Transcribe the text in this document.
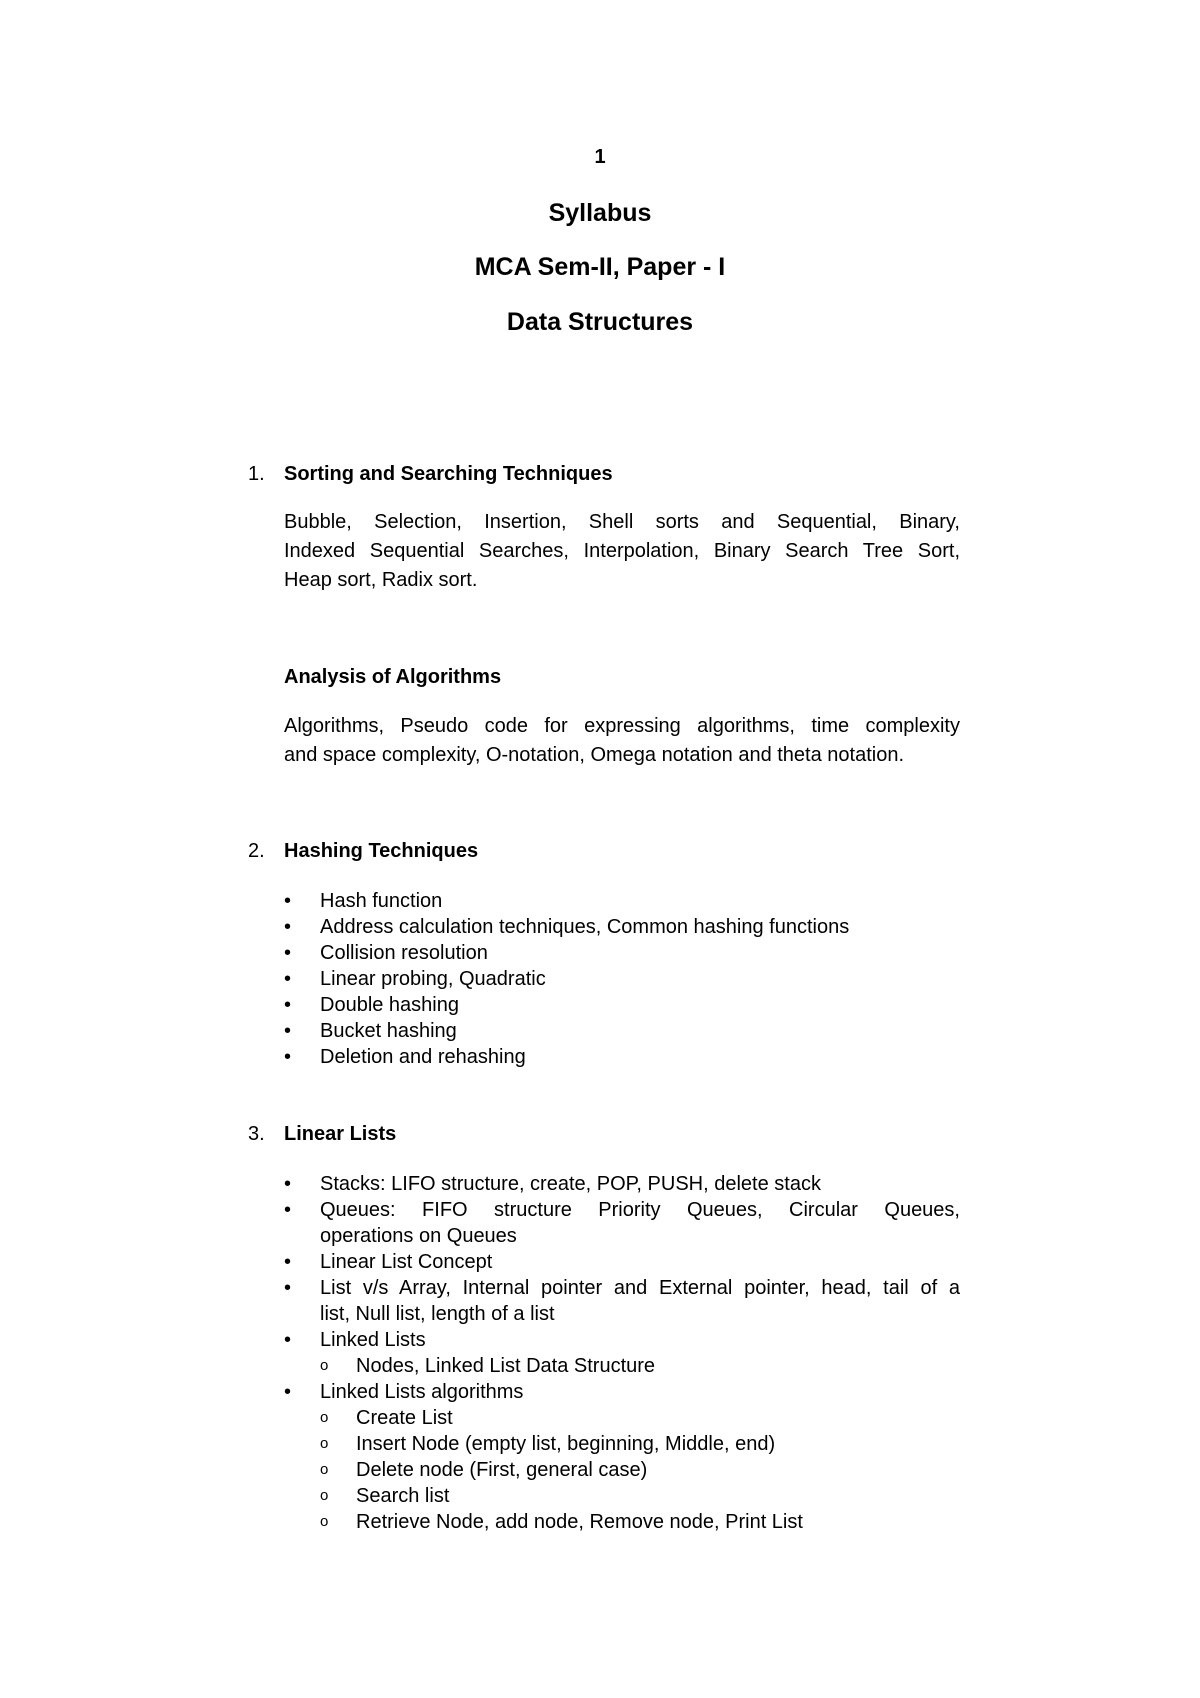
1
Syllabus
MCA Sem-II, Paper - I
Data Structures
1. Sorting and Searching Techniques
Bubble, Selection, Insertion, Shell sorts and Sequential, Binary,
Indexed Sequential Searches, Interpolation, Binary Search Tree Sort,
Heap sort, Radix sort.
Analysis of Algorithms
Algorithms, Pseudo code for expressing algorithms, time complexity
and space complexity, O-notation, Omega notation and theta notation.
2. Hashing Techniques
• Hash function
• Address calculation techniques, Common hashing functions
• Collision resolution
• Linear probing, Quadratic
• Double hashing
• Bucket hashing
• Deletion and rehashing
3. Linear Lists
• Stacks: LIFO structure, create, POP, PUSH, delete stack
• Queues: FIFO structure Priority Queues, Circular Queues,
operations on Queues
• Linear List Concept
• List v/s Array, Internal pointer and External pointer, head, tail of a
list, Null list, length of a list
• Linked Lists
o Nodes, Linked List Data Structure
• Linked Lists algorithms
o Create List
o Insert Node (empty list, beginning, Middle, end)
o Delete node (First, general case)
o Search list
o Retrieve Node, add node, Remove node, Print List
